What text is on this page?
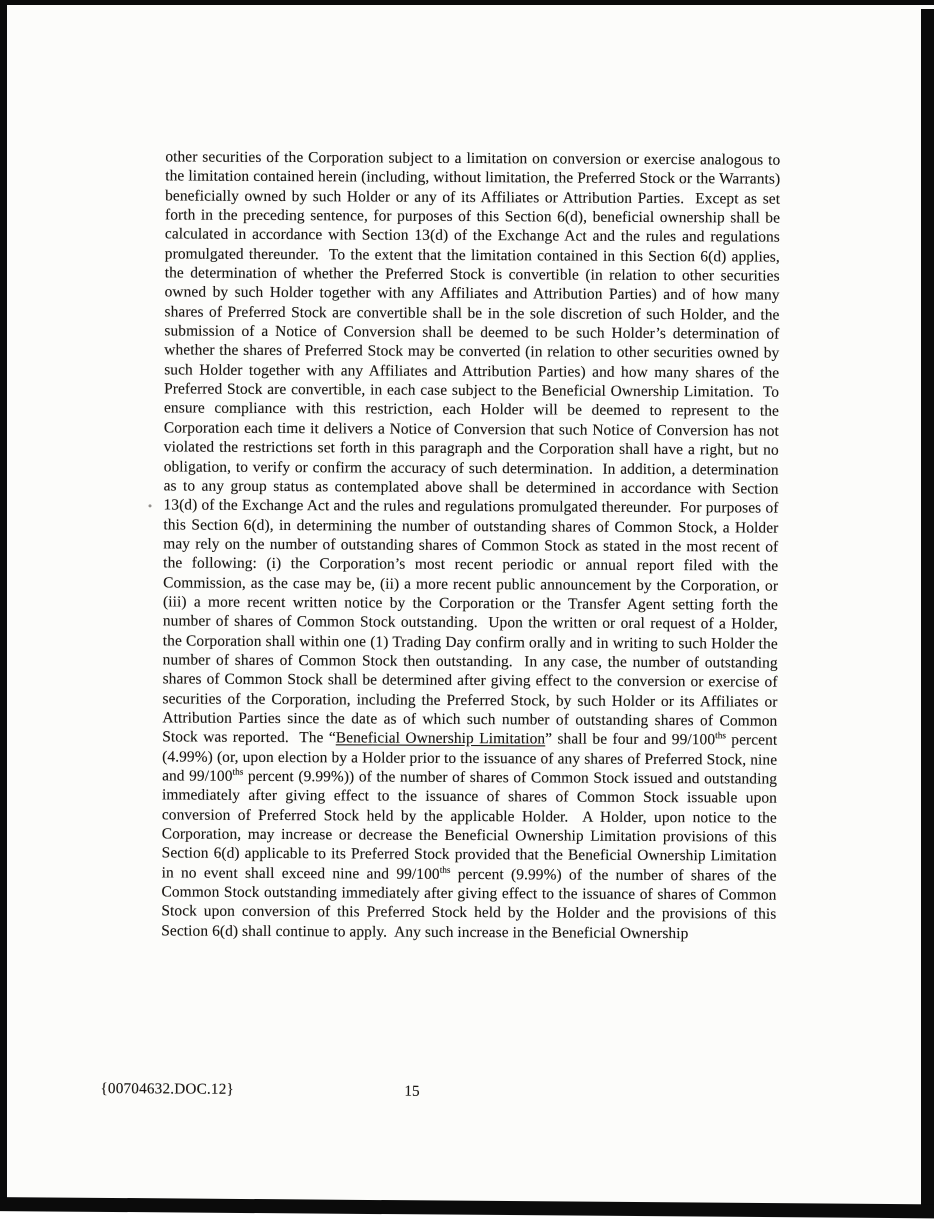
other securities of the Corporation subject to a limitation on conversion or exercise analogous to the limitation contained herein (including, without limitation, the Preferred Stock or the Warrants) beneficially owned by such Holder or any of its Affiliates or Attribution Parties.  Except as set forth in the preceding sentence, for purposes of this Section 6(d), beneficial ownership shall be calculated in accordance with Section 13(d) of the Exchange Act and the rules and regulations promulgated thereunder.  To the extent that the limitation contained in this Section 6(d) applies, the determination of whether the Preferred Stock is convertible (in relation to other securities owned by such Holder together with any Affiliates and Attribution Parties) and of how many shares of Preferred Stock are convertible shall be in the sole discretion of such Holder, and the submission of a Notice of Conversion shall be deemed to be such Holder’s determination of whether the shares of Preferred Stock may be converted (in relation to other securities owned by such Holder together with any Affiliates and Attribution Parties) and how many shares of the Preferred Stock are convertible, in each case subject to the Beneficial Ownership Limitation.  To ensure compliance with this restriction, each Holder will be deemed to represent to the Corporation each time it delivers a Notice of Conversion that such Notice of Conversion has not violated the restrictions set forth in this paragraph and the Corporation shall have a right, but no obligation, to verify or confirm the accuracy of such determination.  In addition, a determination as to any group status as contemplated above shall be determined in accordance with Section 13(d) of the Exchange Act and the rules and regulations promulgated thereunder.  For purposes of this Section 6(d), in determining the number of outstanding shares of Common Stock, a Holder may rely on the number of outstanding shares of Common Stock as stated in the most recent of the following: (i) the Corporation’s most recent periodic or annual report filed with the Commission, as the case may be, (ii) a more recent public announcement by the Corporation, or (iii) a more recent written notice by the Corporation or the Transfer Agent setting forth the number of shares of Common Stock outstanding.  Upon the written or oral request of a Holder, the Corporation shall within one (1) Trading Day confirm orally and in writing to such Holder the number of shares of Common Stock then outstanding.  In any case, the number of outstanding shares of Common Stock shall be determined after giving effect to the conversion or exercise of securities of the Corporation, including the Preferred Stock, by such Holder or its Affiliates or Attribution Parties since the date as of which such number of outstanding shares of Common Stock was reported.  The “Beneficial Ownership Limitation” shall be four and $99/100^{ths}$ percent (4.99%) (or, upon election by a Holder prior to the issuance of any shares of Preferred Stock, nine and $99/100^{ths}$ percent (9.99%)) of the number of shares of Common Stock issued and outstanding immediately after giving effect to the issuance of shares of Common Stock issuable upon conversion of Preferred Stock held by the applicable Holder.  A Holder, upon notice to the Corporation, may increase or decrease the Beneficial Ownership Limitation provisions of this Section 6(d) applicable to its Preferred Stock provided that the Beneficial Ownership Limitation in no event shall exceed nine and $99/100^{ths}$ percent (9.99%) of the number of shares of the Common Stock outstanding immediately after giving effect to the issuance of shares of Common Stock upon conversion of this Preferred Stock held by the Holder and the provisions of this Section 6(d) shall continue to apply.  Any such increase in the Beneficial Ownership
{00704632.DOC.12}	15
